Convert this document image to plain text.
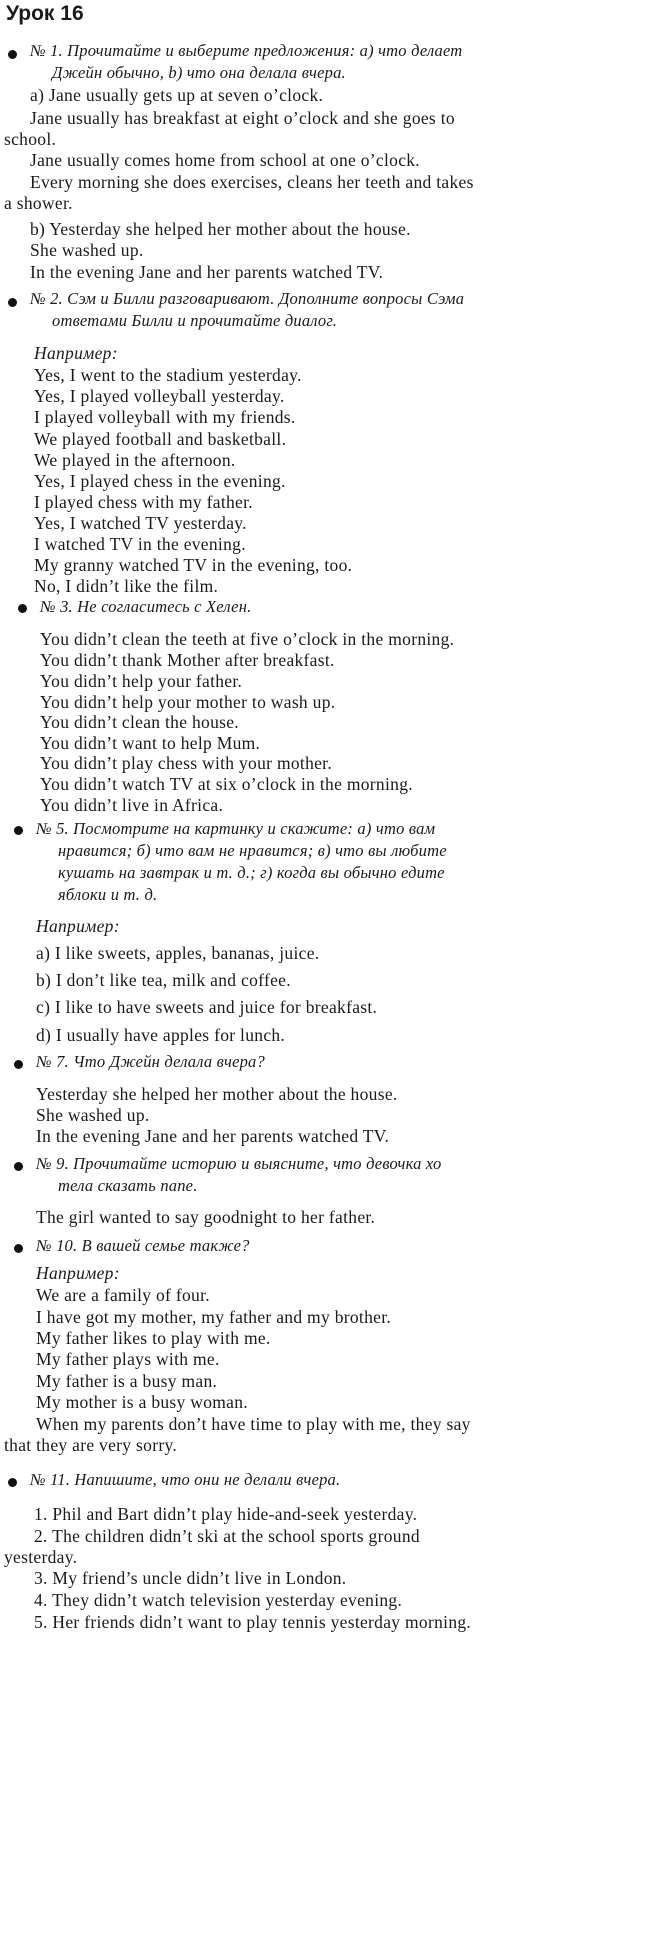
Урок 16
№ 1. Прочитайте и выберите предложения: а) что делает
Джейн обычно, b) что она делала вчера.
a) Jane usually gets up at seven o’clock.
Jane usually has breakfast at eight o’clock and she goes to
school.
Jane usually comes home from school at one o’clock.
Every morning she does exercises, cleans her teeth and takes
a shower.
b) Yesterday she helped her mother about the house.
She washed up.
In the evening Jane and her parents watched TV.
№ 2. Сэм и Билли разговаривают. Дополните вопросы Сэма
ответами Билли и прочитайте диалог.
Например:
Yes, I went to the stadium yesterday.
Yes, I played volleyball yesterday.
I played volleyball with my friends.
We played football and basketball.
We played in the afternoon.
Yes, I played chess in the evening.
I played chess with my father.
Yes, I watched TV yesterday.
I watched TV in the evening.
My granny watched TV in the evening, too.
No, I didn’t like the film.
№ 3. Не согласитесь с Хелен.
You didn’t clean the teeth at five o’clock in the morning.
You didn’t thank Mother after breakfast.
You didn’t help your father.
You didn’t help your mother to wash up.
You didn’t clean the house.
You didn’t want to help Mum.
You didn’t play chess with your mother.
You didn’t watch TV at six o’clock in the morning.
You didn’t live in Africa.
№ 5. Посмотрите на картинку и скажите: а) что вам
нравится; б) что вам не нравится; в) что вы любите
кушать на завтрак и т. д.; г) когда вы обычно едите
яблоки и т. д.
Например:
a) I like sweets, apples, bananas, juice.
b) I don’t like tea, milk and coffee.
c) I like to have sweets and juice for breakfast.
d) I usually have apples for lunch.
№ 7. Что Джейн делала вчера?
Yesterday she helped her mother about the house.
She washed up.
In the evening Jane and her parents watched TV.
№ 9. Прочитайте историю и выясните, что девочка хо
тела сказать папе.
The girl wanted to say goodnight to her father.
№ 10. В вашей семье также?
Например:
We are a family of four.
I have got my mother, my father and my brother.
My father likes to play with me.
My father plays with me.
My father is a busy man.
My mother is a busy woman.
When my parents don’t have time to play with me, they say
that they are very sorry.
№ 11. Напишите, что они не делали вчера.
1. Phil and Bart didn’t play hide-and-seek yesterday.
2. The children didn’t ski at the school sports ground
yesterday.
3. My friend’s uncle didn’t live in London.
4. They didn’t watch television yesterday evening.
5. Her friends didn’t want to play tennis yesterday morning.
